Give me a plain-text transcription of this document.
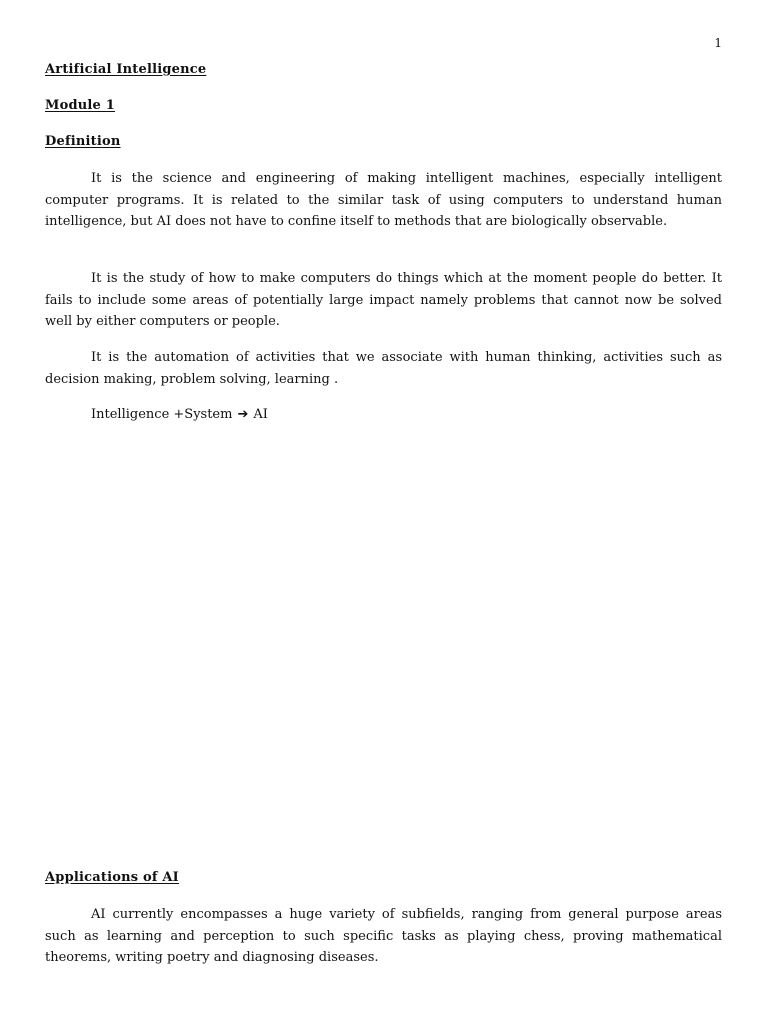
1
Artificial Intelligence
Module 1
Definition

It is the science and engineering of making intelligent machines, especially intelligent computer programs. It is related to the similar task of using computers to understand human intelligence, but AI does not have to confine itself to methods that are biologically observable.

It is the study of how to make computers do things which at the moment people do better. It fails to include some areas of potentially large impact namely problems that cannot now be solved well by either computers or people.

It is the automation of activities that we associate with human thinking, activities such as decision making, problem solving, learning .

Intelligence +System ➔ AI
Applications of AI

AI currently encompasses a huge variety of subfields, ranging from general purpose areas such as learning and perception to such specific tasks as playing chess, proving mathematical theorems, writing poetry and diagnosing diseases.
